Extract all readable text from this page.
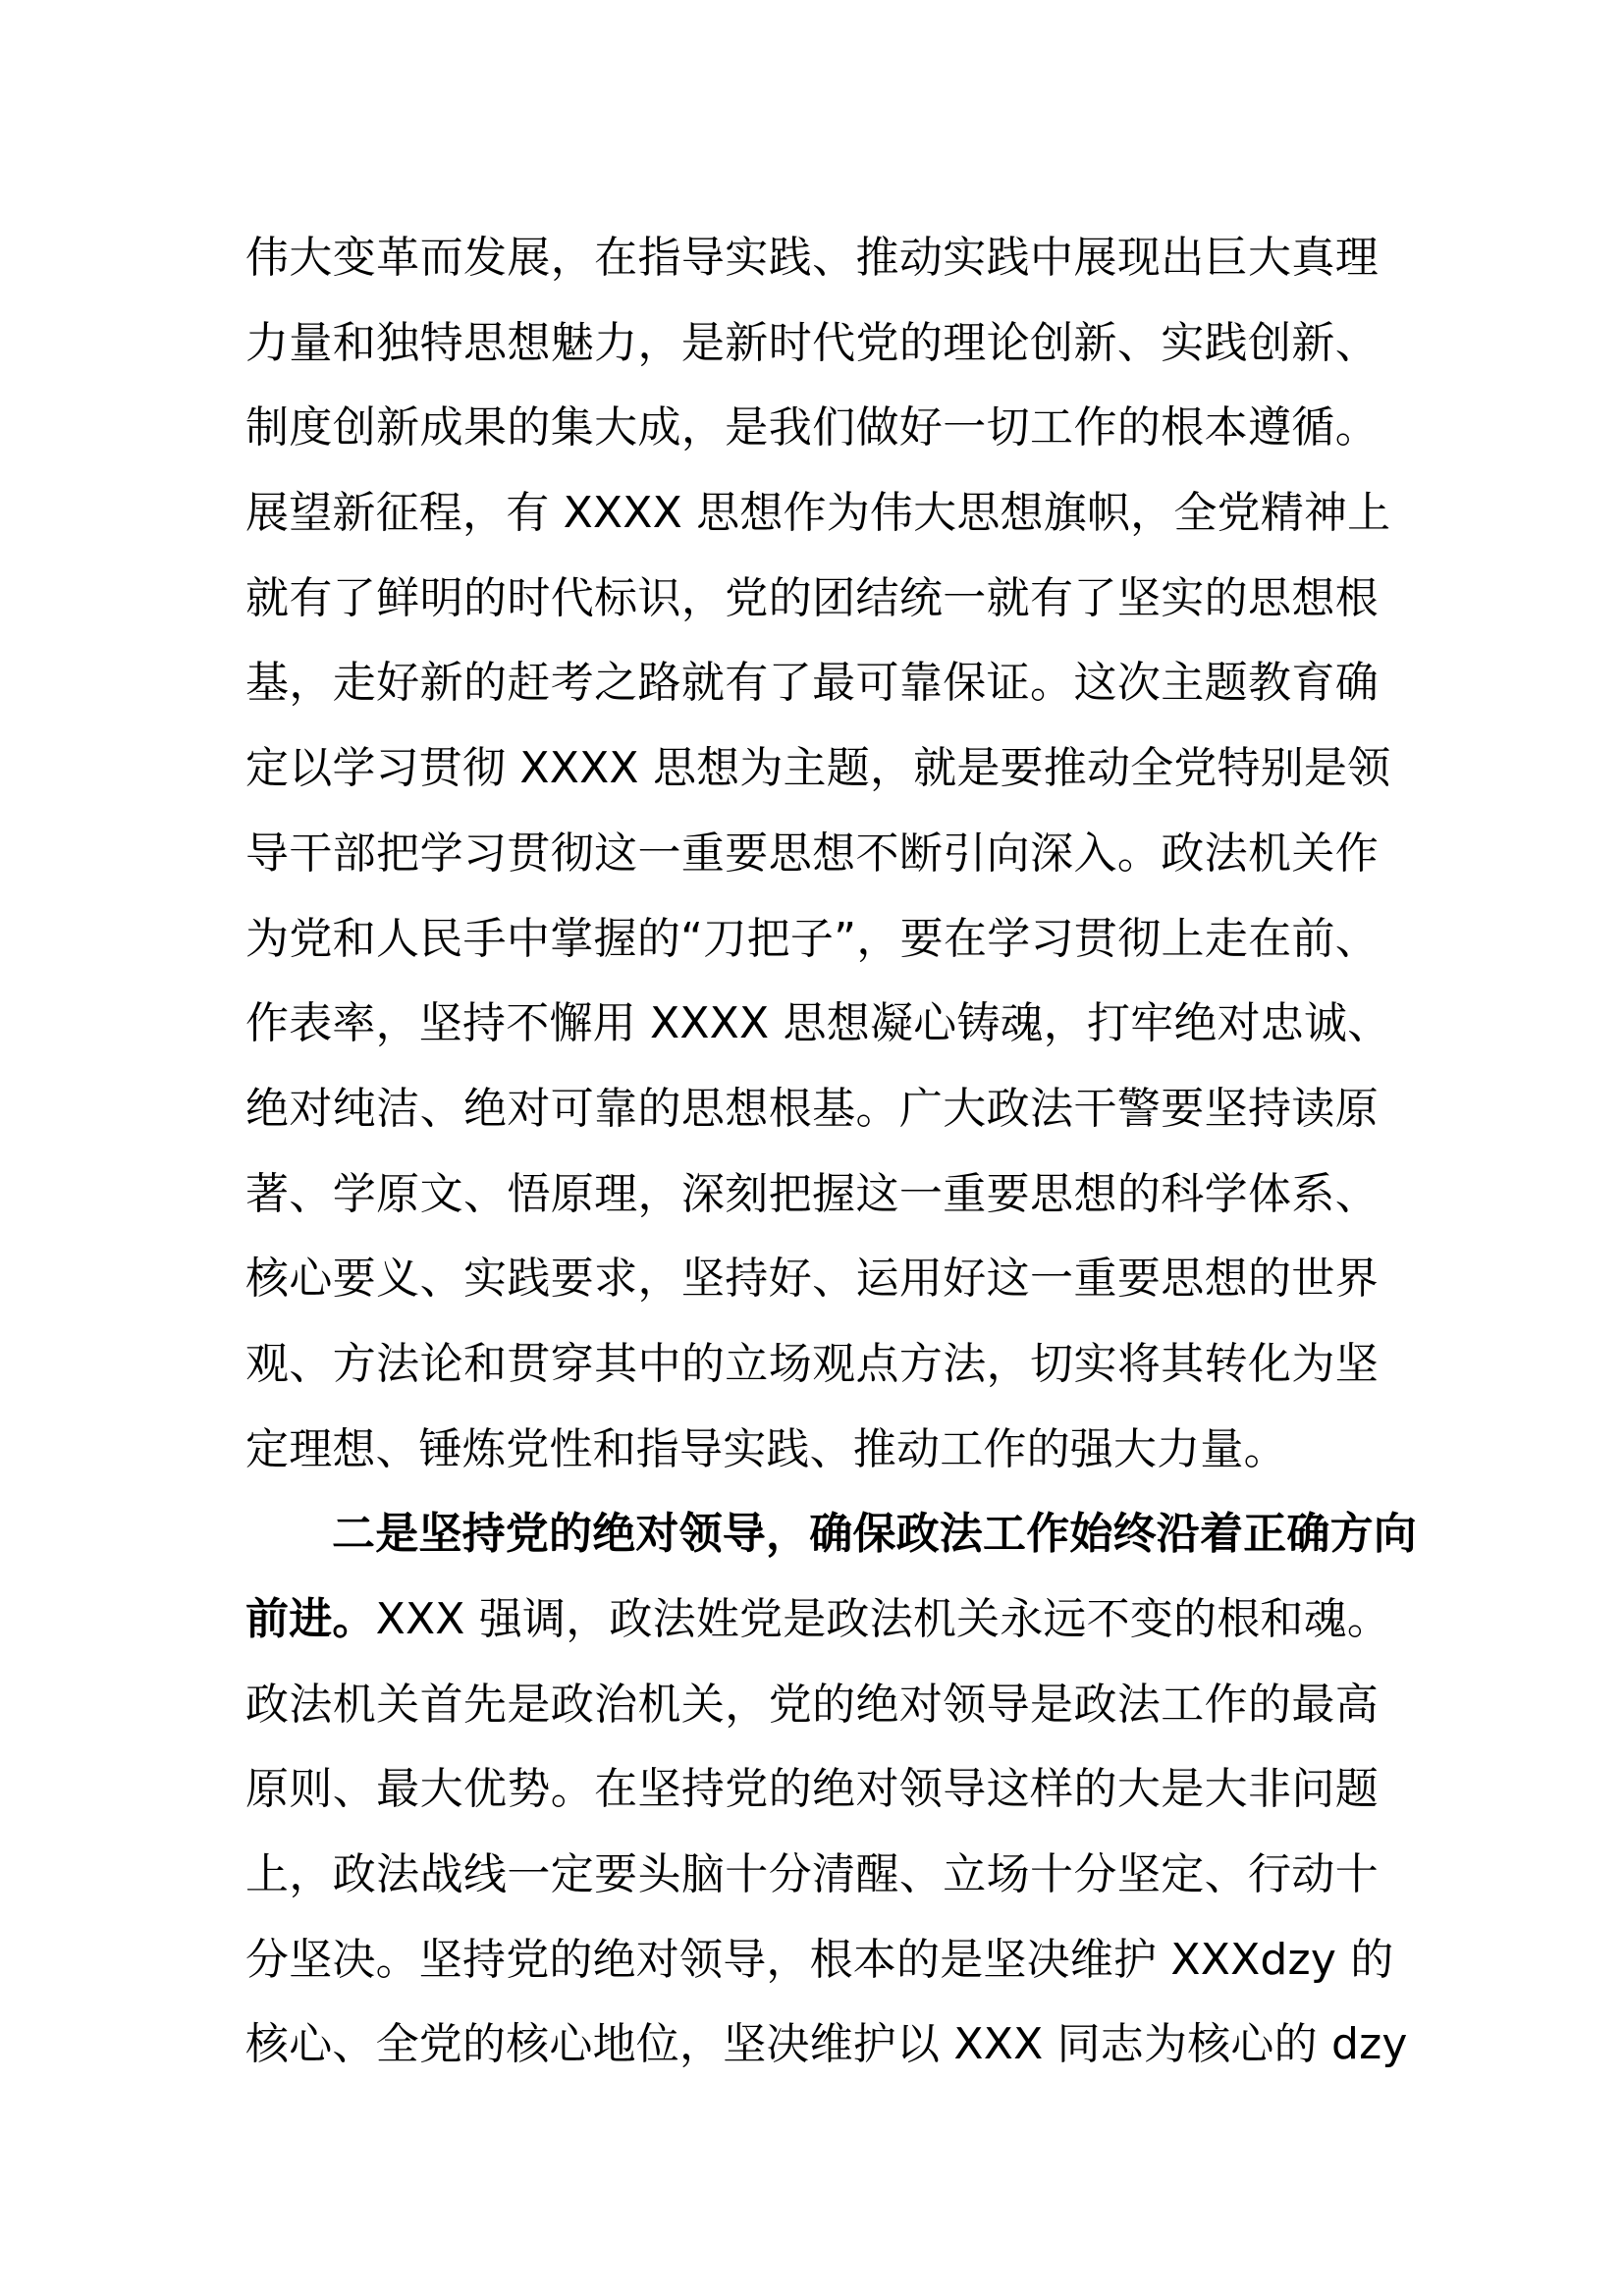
伟大变革而发展，在指导实践、推动实践中展现出巨大真理
力量和独特思想魅力，是新时代党的理论创新、实践创新、
制度创新成果的集大成，是我们做好一切工作的根本遵循。
展望新征程，有 XXXX 思想作为伟大思想旗帜，全党精神上
就有了鲜明的时代标识，党的团结统一就有了坚实的思想根
基，走好新的赶考之路就有了最可靠保证。这次主题教育确
定以学习贯彻 XXXX 思想为主题，就是要推动全党特别是领
导干部把学习贯彻这一重要思想不断引向深入。政法机关作
为党和人民手中掌握的“刀把子”，要在学习贯彻上走在前、
作表率，坚持不懈用 XXXX 思想凝心铸魂，打牢绝对忠诚、
绝对纯洁、绝对可靠的思想根基。广大政法干警要坚持读原
著、学原文、悟原理，深刻把握这一重要思想的科学体系、
核心要义、实践要求，坚持好、运用好这一重要思想的世界
观、方法论和贯穿其中的立场观点方法，切实将其转化为坚
定理想、锤炼党性和指导实践、推动工作的强大力量。
二是坚持党的绝对领导，确保政法工作始终沿着正确方向
前进。XXX 强调，政法姓党是政法机关永远不变的根和魂。
政法机关首先是政治机关，党的绝对领导是政法工作的最高
原则、最大优势。在坚持党的绝对领导这样的大是大非问题
上，政法战线一定要头脑十分清醒、立场十分坚定、行动十
分坚决。坚持党的绝对领导，根本的是坚决维护 XXXdzy 的
核心、全党的核心地位，坚决维护以 XXX 同志为核心的 dzy
